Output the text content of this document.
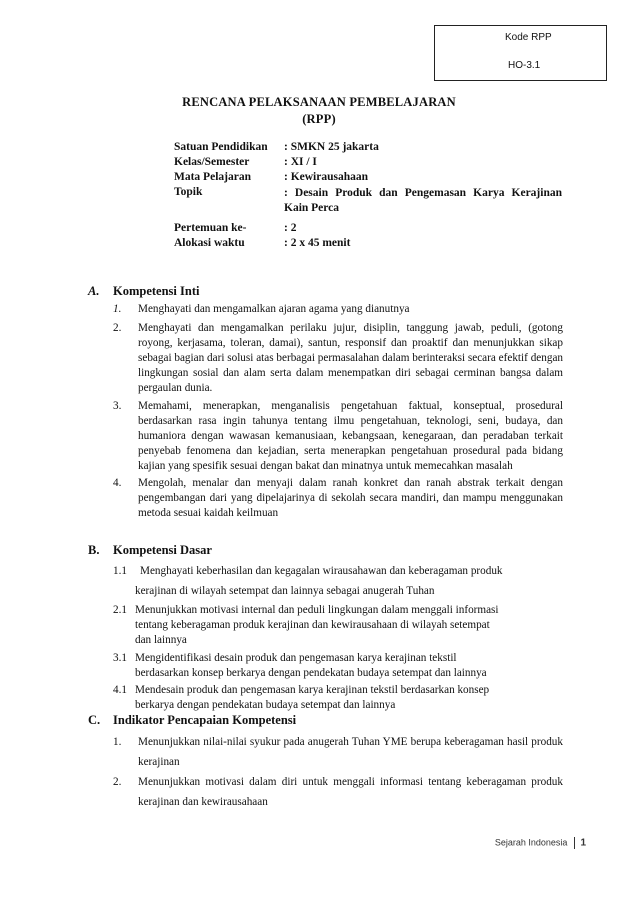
Kode RPP
HO-3.1
RENCANA PELAKSANAAN PEMBELAJARAN
(RPP)
Satuan Pendidikan : SMKN 25 jakarta
Kelas/Semester	: XI / I
Mata Pelajaran	: Kewirausahaan
Topik	: Desain Produk dan Pengemasan Karya Kerajinan Kain Perca
Pertemuan ke-	: 2
Alokasi waktu	: 2 x 45 menit
A. Kompetensi Inti
1. Menghayati dan mengamalkan ajaran agama yang dianutnya
2. Menghayati dan mengamalkan perilaku jujur, disiplin, tanggung jawab, peduli, (gotong royong, kerjasama, toleran, damai), santun, responsif dan proaktif dan menunjukkan sikap sebagai bagian dari solusi atas berbagai permasalahan dalam berinteraksi secara efektif dengan lingkungan sosial dan alam serta dalam menempatkan diri sebagai cerminan bangsa dalam pergaulan dunia.
3. Memahami, menerapkan, menganalisis pengetahuan faktual, konseptual, prosedural berdasarkan rasa ingin tahunya tentang ilmu pengetahuan, teknologi, seni, budaya, dan humaniora dengan wawasan kemanusiaan, kebangsaan, kenegaraan, dan peradaban terkait penyebab fenomena dan kejadian, serta menerapkan pengetahuan prosedural pada bidang kajian yang spesifik sesuai dengan bakat dan minatnya untuk memecahkan masalah
4. Mengolah, menalar dan menyaji dalam ranah konkret dan ranah abstrak terkait dengan pengembangan dari yang dipelajarinya di sekolah secara mandiri, dan mampu menggunakan metoda sesuai kaidah keilmuan
B. Kompetensi Dasar
1.1 Menghayati keberhasilan dan kegagalan wirausahawan dan keberagaman produk
kerajinan di wilayah setempat dan lainnya sebagai anugerah Tuhan
2.1 Menunjukkan motivasi internal dan peduli lingkungan dalam menggali informasi
tentang keberagaman produk kerajinan dan kewirausahaan di wilayah setempat
dan lainnya
3.1 Mengidentifikasi desain produk dan pengemasan karya kerajinan tekstil
berdasarkan konsep berkarya dengan pendekatan budaya setempat dan lainnya
4.1 Mendesain produk dan pengemasan karya kerajinan tekstil berdasarkan konsep
berkarya dengan pendekatan budaya setempat dan lainnya
C. Indikator Pencapaian Kompetensi
1. Menunjukkan nilai-nilai syukur pada anugerah Tuhan YME berupa keberagaman hasil produk kerajinan
2. Menunjukkan motivasi dalam diri untuk menggali informasi tentang keberagaman produk kerajinan dan kewirausahaan
Sejarah Indonesia 1
